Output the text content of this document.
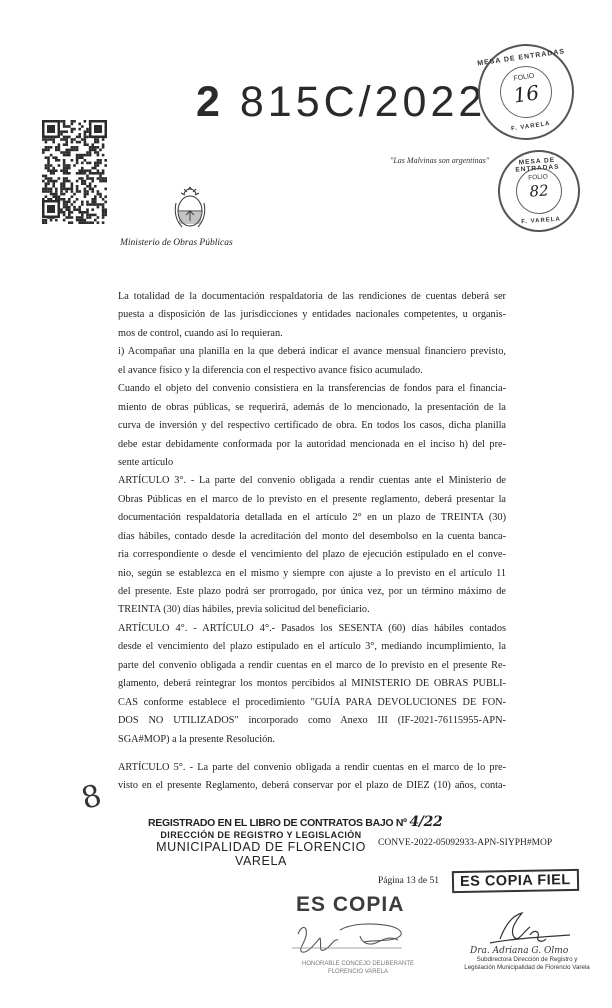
2 815C/2022
MESA DE ENTRADAS
FOLIO
16
F. VARELA
MESA DE ENTRADAS
FOLIO
82
F. VARELA
"Las Malvinas son argentinas"
Ministerio de Obras Públicas
La totalidad de la documentación respaldatoria de las rendiciones de cuentas deberá ser
puesta a disposición de las jurisdicciones y entidades nacionales competentes, u organis-
mos de control, cuando así lo requieran.
i) Acompañar una planilla en la que deberá indicar el avance mensual financiero previsto,
el avance físico y la diferencia con el respectivo avance físico acumulado.
Cuando el objeto del convenio consistiera en la transferencias de fondos para el financia-
miento de obras públicas, se requerirá, además de lo mencionado, la presentación de la
curva de inversión y del respectivo certificado de obra. En todos los casos, dicha planilla
debe estar debidamente conformada por la autoridad mencionada en el inciso h) del pre-
sente artículo
ARTÍCULO 3°. - La parte del convenio obligada a rendir cuentas ante el Ministerio de
Obras Públicas en el marco de lo previsto en el presente reglamento, deberá presentar la
documentación respaldatoria detallada en el artículo 2° en un plazo de TREINTA (30)
días hábiles, contado desde la acreditación del monto del desembolso en la cuenta banca-
ria correspondiente o desde el vencimiento del plazo de ejecución estipulado en el conve-
nio, según se establezca en el mismo y siempre con ajuste a lo previsto en el artículo 11
del presente. Este plazo podrá ser prorrogado, por única vez, por un término máximo de
TREINTA (30) días hábiles, previa solicitud del beneficiario.
ARTÍCULO 4°. - ARTÍCULO 4°.- Pasados los SESENTA (60) días hábiles contados
desde el vencimiento del plazo estipulado en el artículo 3°, mediando incumplimiento, la
parte del convenio obligada a rendir cuentas en el marco de lo previsto en el presente Re-
glamento, deberá reintegrar los montos percibidos al MINISTERIO DE OBRAS PUBLI-
CAS conforme establece el procedimiento "GUÍA PARA DEVOLUCIONES DE FON-
DOS NO UTILIZADOS" incorporado como Anexo III (IF-2021-76115955-APN-
SGA#MOP) a la presente Resolución.
ARTÍCULO 5°. - La parte del convenio obligada a rendir cuentas en el marco de lo pre-
visto en el presente Reglamento, deberá conservar por el plazo de DIEZ (10) años, conta-
8
REGISTRADO EN EL LIBRO DE CONTRATOS BAJO Nº 4/22
DIRECCIÓN DE REGISTRO Y LEGISLACIÓN
MUNICIPALIDAD DE FLORENCIO VARELA
CONVE-2022-05092933-APN-SIYPH#MOP
Página 13 de 51	ES COPIA FIEL
ES COPIA
HONORABLE CONCEJO DELIBERANTE FLORENCIO VARELA
Dra. Adriana G. Olmo
Subdirectora Dirección de Registro y Legislación Municipalidad de Florencio Varela
